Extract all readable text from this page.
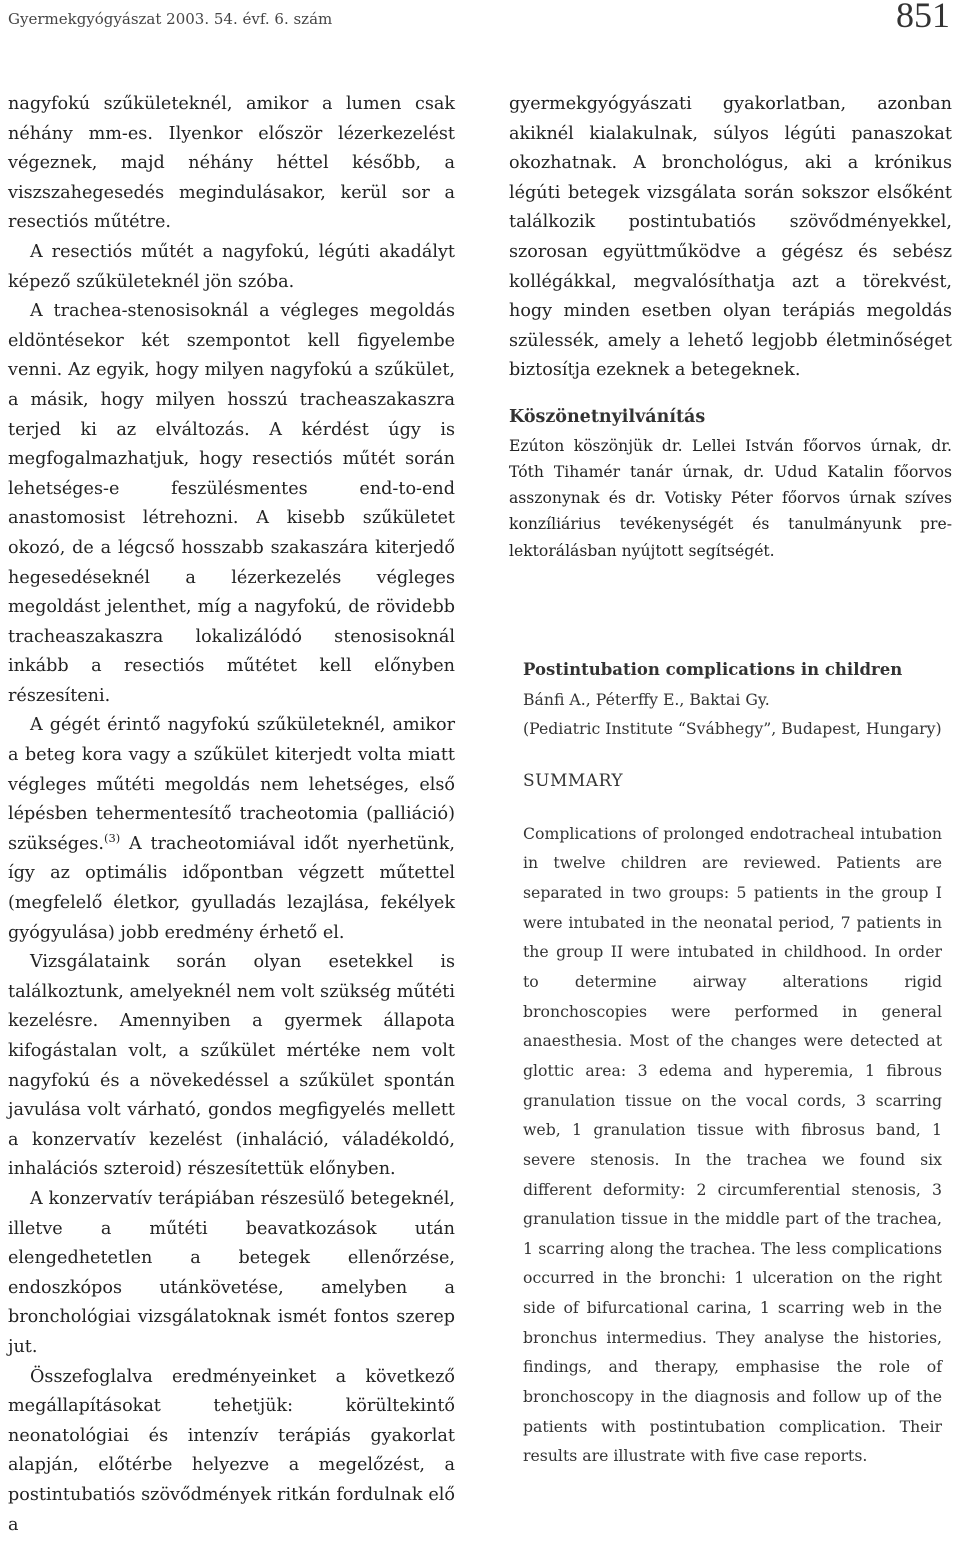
Gyermekgyógyászat 2003. 54. évf. 6. szám	851

nagyfokú szűkületeknél, amikor a lumen csak néhány mm-es. Ilyenkor először lézerkezelést végeznek, majd néhány héttel később, a viszszahegesedés megindulásakor, kerül sor a resectiós műtétre.

A resectiós műtét a nagyfokú, légúti akadályt képező szűkületeknél jön szóba.

A trachea-stenosisoknál a végleges megoldás eldöntésekor két szempontot kell figyelembe venni. Az egyik, hogy milyen nagyfokú a szűkület, a másik, hogy milyen hosszú tracheaszakaszra terjed ki az elváltozás. A kérdést úgy is megfogalmazhatjuk, hogy resectiós műtét során lehetséges-e feszülésmentes end-to-end anastomosist létrehozni. A kisebb szűkületet okozó, de a légcső hosszabb szakaszára kiterjedő hegesedéseknél a lézerkezelés végleges megoldást jelenthet, míg a nagyfokú, de rövidebb tracheaszakaszra lokalizálódó stenosisoknál inkább a resectiós műtétet kell előnyben részesíteni.

A gégét érintő nagyfokú szűkületeknél, amikor a beteg kora vagy a szűkület kiterjedt volta miatt végleges műtéti megoldás nem lehetséges, első lépésben tehermentesítő tracheotomia (palliáció) szükséges.$^{(3)}$ A tracheotomiával időt nyerhetünk, így az optimális időpontban végzett műtettel (megfelelő életkor, gyulladás lezajlása, fekélyek gyógyulása) jobb eredmény érhető el.

Vizsgálataink során olyan esetekkel is találkoztunk, amelyeknél nem volt szükség műtéti kezelésre. Amennyiben a gyermek állapota kifogástalan volt, a szűkület mértéke nem volt nagyfokú és a növekedéssel a szűkület spontán javulása volt várható, gondos megfigyelés mellett a konzervatív kezelést (inhaláció, váladékoldó, inhalációs szteroid) részesítettük előnyben.

A konzervatív terápiában részesülő betegeknél, illetve a műtéti beavatkozások után elengedhetetlen a betegek ellenőrzése, endoszkópos utánkövetése, amelyben a bronchológiai vizsgálatoknak ismét fontos szerep jut.

Összefoglalva eredményeinket a következő megállapításokat tehetjük: körültekintő neonatológiai és intenzív terápiás gyakorlat alapján, előtérbe helyezve a megelőzést, a postintubatiós szövődmények ritkán fordulnak elő a

gyermekgyógyászati gyakorlatban, azonban akiknél kialakulnak, súlyos légúti panaszokat okozhatnak. A bronchológus, aki a krónikus légúti betegek vizsgálata során sokszor elsőként találkozik postintubatiós szövődményekkel, szorosan együttműködve a gégész és sebész kollégákkal, megvalósíthatja azt a törekvést, hogy minden esetben olyan terápiás megoldás szülessék, amely a lehető legjobb életminőséget biztosítja ezeknek a betegeknek.

Köszönetnyilvánítás

Ezúton köszönjük dr. Lellei István főorvos úrnak, dr. Tóth Tihamér tanár úrnak, dr. Udud Katalin főorvos asszonynak és dr. Votisky Péter főorvos úrnak szíves konzíliárius tevékenységét és tanulmányunk pre-lektorálásban nyújtott segítségét.

Postintubation complications in children
Bánfi A., Péterffy E., Baktai Gy.
(Pediatric Institute “Svábhegy”, Budapest, Hungary)
SUMMARY

Complications of prolonged endotracheal intubation in twelve children are reviewed. Patients are separated in two groups: 5 patients in the group I were intubated in the neonatal period, 7 patients in the group II were intubated in childhood. In order to determine airway alterations rigid bronchoscopies were performed in general anaesthesia. Most of the changes were detected at glottic area: 3 edema and hyperemia, 1 fibrous granulation tissue on the vocal cords, 3 scarring web, 1 granulation tissue with fibrosus band, 1 severe stenosis. In the trachea we found six different deformity: 2 circumferential stenosis, 3 granulation tissue in the middle part of the trachea, 1 scarring along the trachea. The less complications occurred in the bronchi: 1 ulceration on the right side of bifurcational carina, 1 scarring web in the bronchus intermedius. They analyse the histories, findings, and therapy, emphasise the role of bronchoscopy in the diagnosis and follow up of the patients with postintubation complication. Their results are illustrate with five case reports.
